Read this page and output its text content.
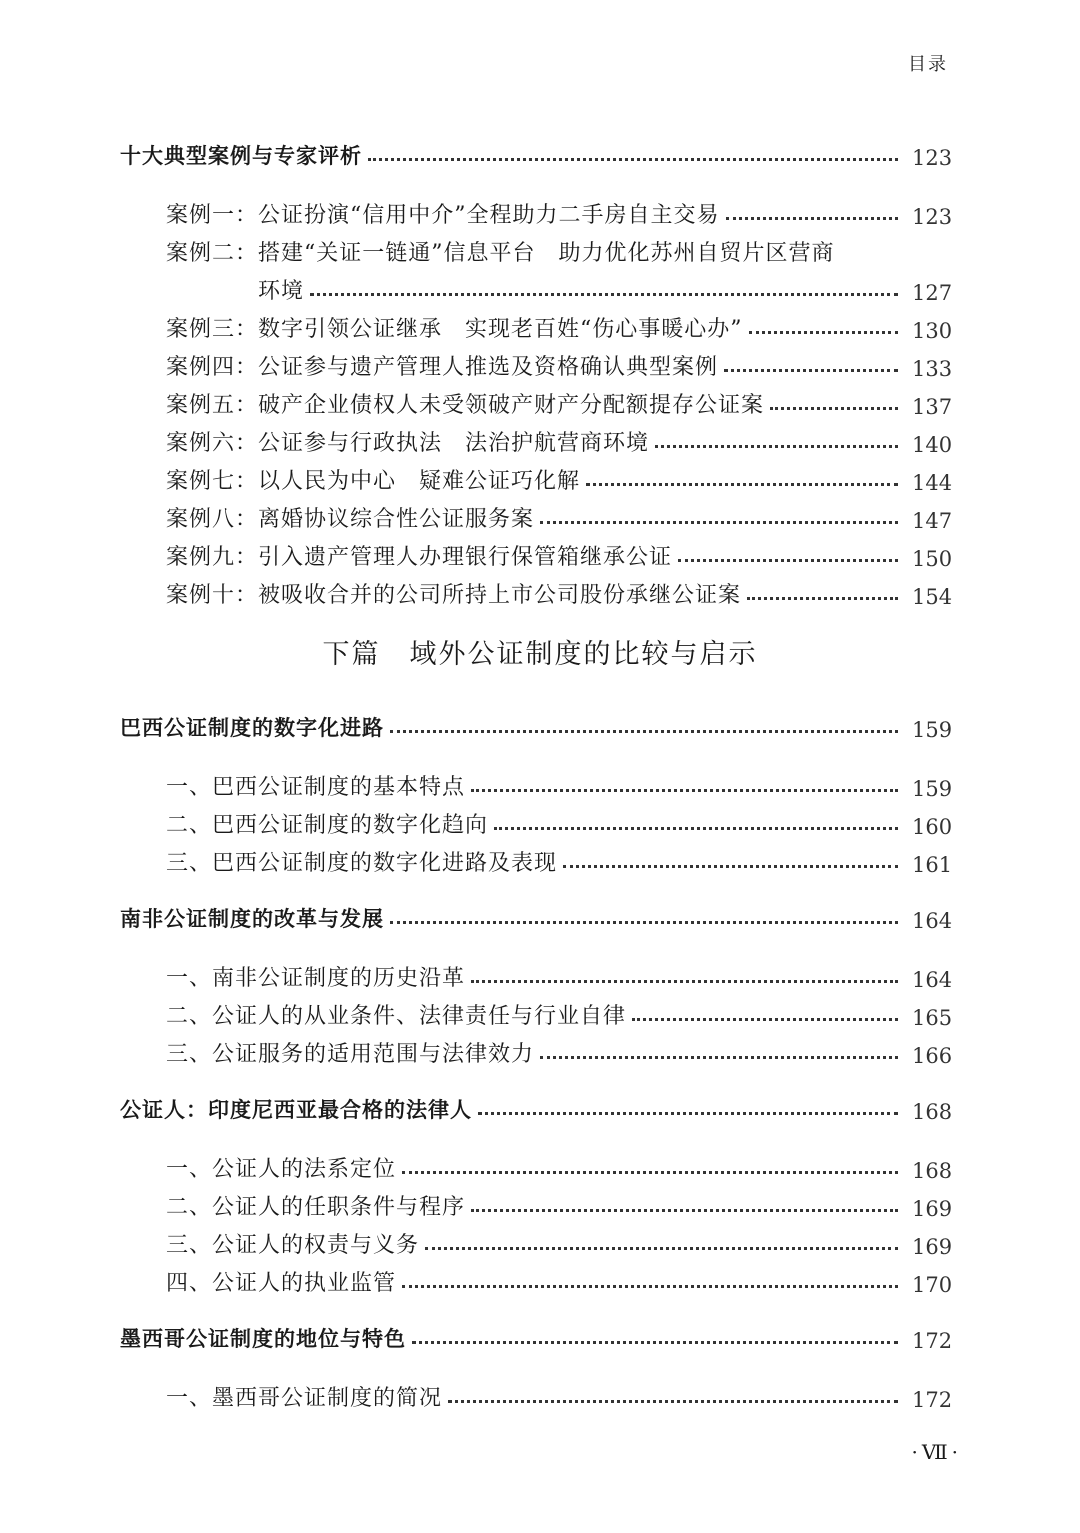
目录
十大典型案例与专家评析	123
案例一：公证扮演“信用中介”全程助力二手房自主交易	123
案例二：搭建“关证一链通”信息平台　助力优化苏州自贸片区营商
环境	127
案例三：数字引领公证继承　实现老百姓“伤心事暖心办”	130
案例四：公证参与遗产管理人推选及资格确认典型案例	133
案例五：破产企业债权人未受领破产财产分配额提存公证案	137
案例六：公证参与行政执法　法治护航营商环境	140
案例七：以人民为中心　疑难公证巧化解	144
案例八：离婚协议综合性公证服务案	147
案例九：引入遗产管理人办理银行保管箱继承公证	150
案例十：被吸收合并的公司所持上市公司股份承继公证案	154
巴西公证制度的数字化进路	159
一、巴西公证制度的基本特点	159
二、巴西公证制度的数字化趋向	160
三、巴西公证制度的数字化进路及表现	161
南非公证制度的改革与发展	164
一、南非公证制度的历史沿革	164
二、公证人的从业条件、法律责任与行业自律	165
三、公证服务的适用范围与法律效力	166
公证人：印度尼西亚最合格的法律人	168
一、公证人的法系定位	168
二、公证人的任职条件与程序	169
三、公证人的权责与义务	169
四、公证人的执业监管	170
墨西哥公证制度的地位与特色	172
一、墨西哥公证制度的简况	172
下篇　域外公证制度的比较与启示
·Ⅶ·
